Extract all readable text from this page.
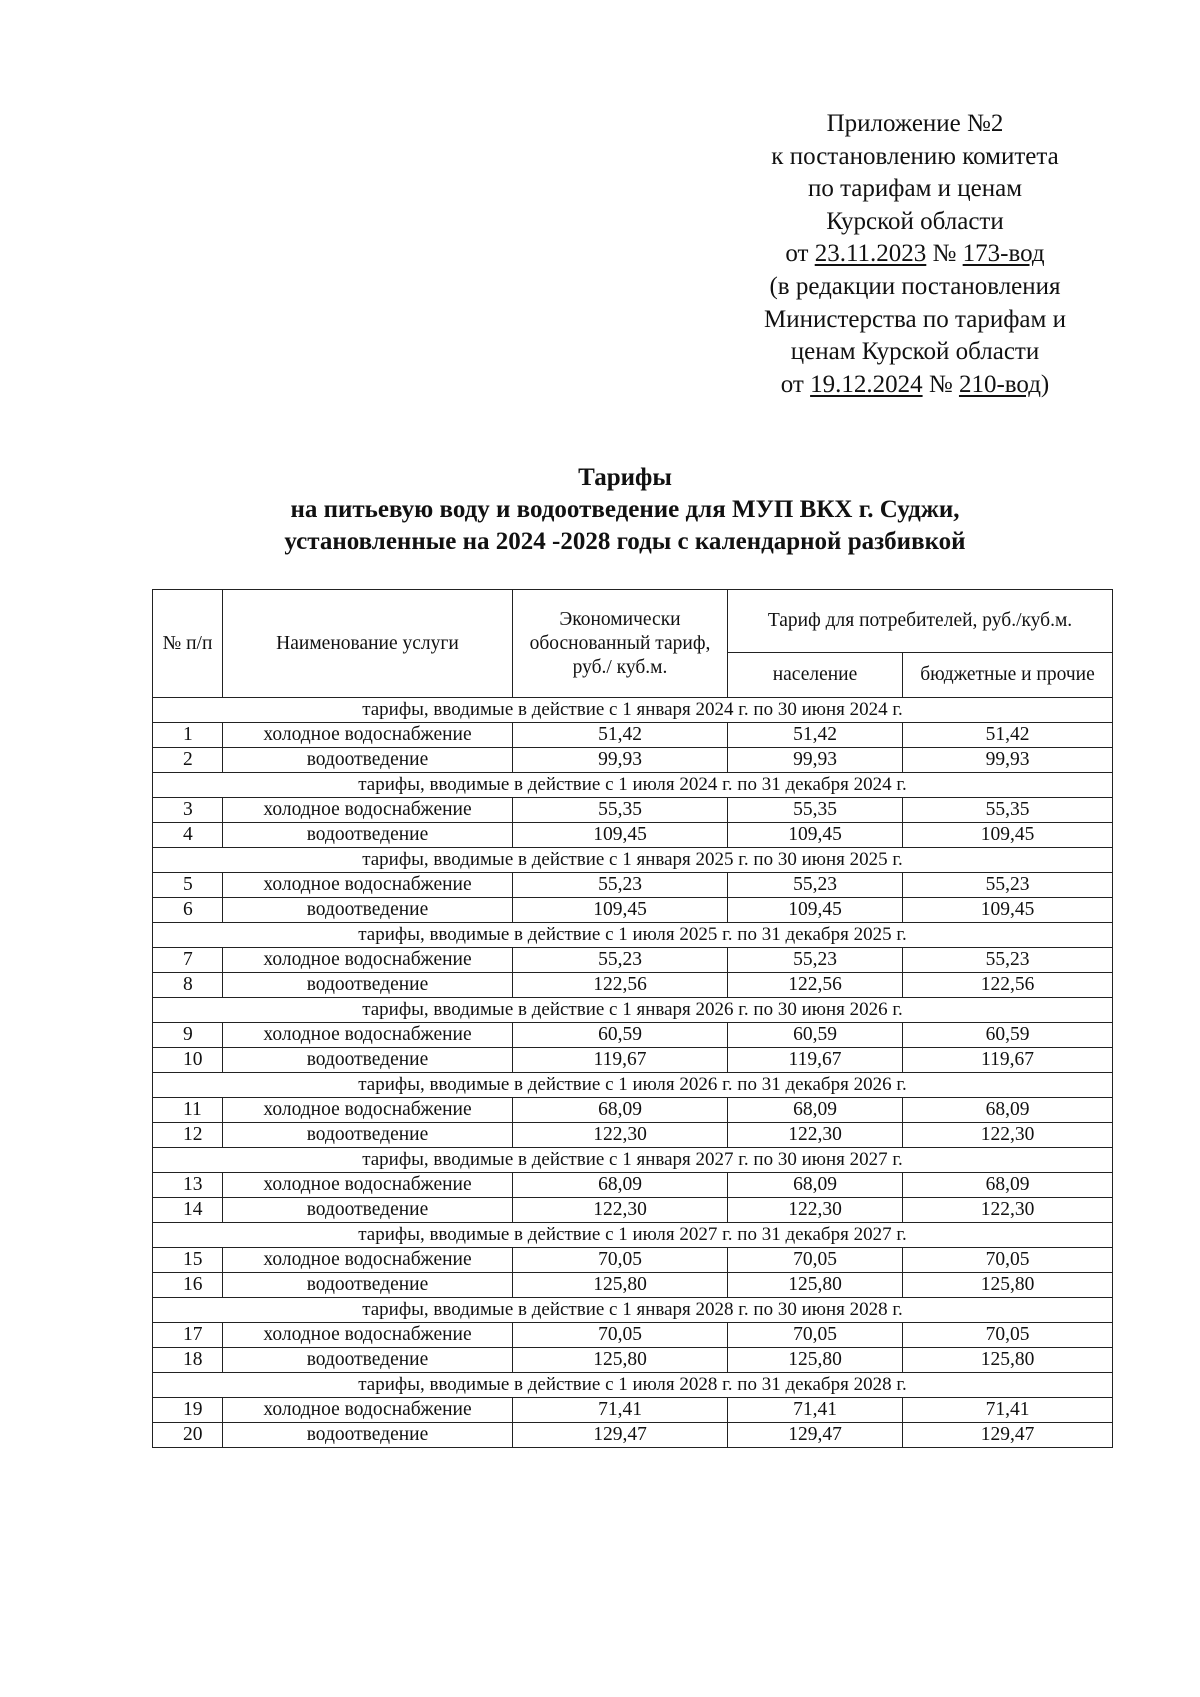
Приложение №2
к постановлению комитета
по тарифам и ценам
Курской области
от 23.11.2023 № 173-вод
(в редакции постановления
Министерства по тарифам и
ценам Курской области
от 19.12.2024 № 210-вод)
Тарифы
на питьевую воду и водоотведение для МУП ВКХ г. Суджи,
установленные на 2024 -2028 годы с календарной разбивкой
№ п/п	Наименование услуги	Экономически обоснованный тариф, руб./ куб.м.	Тариф для потребителей, руб./куб.м.	
			население	бюджетные и прочие
тарифы, вводимые в действие с 1 января 2024 г. по 30 июня 2024 г.				
1	холодное водоснабжение	51,42	51,42	51,42
2	водоотведение	99,93	99,93	99,93
тарифы, вводимые в действие с 1 июля 2024 г. по 31 декабря 2024 г.				
3	холодное водоснабжение	55,35	55,35	55,35
4	водоотведение	109,45	109,45	109,45
тарифы, вводимые в действие с 1 января 2025 г. по 30 июня 2025 г.				
5	холодное водоснабжение	55,23	55,23	55,23
6	водоотведение	109,45	109,45	109,45
тарифы, вводимые в действие с 1 июля 2025 г. по 31 декабря 2025 г.				
7	холодное водоснабжение	55,23	55,23	55,23
8	водоотведение	122,56	122,56	122,56
тарифы, вводимые в действие с 1 января 2026 г. по 30 июня 2026 г.				
9	холодное водоснабжение	60,59	60,59	60,59
10	водоотведение	119,67	119,67	119,67
тарифы, вводимые в действие с 1 июля 2026 г. по 31 декабря 2026 г.				
11	холодное водоснабжение	68,09	68,09	68,09
12	водоотведение	122,30	122,30	122,30
тарифы, вводимые в действие с 1 января 2027 г. по 30 июня 2027 г.				
13	холодное водоснабжение	68,09	68,09	68,09
14	водоотведение	122,30	122,30	122,30
тарифы, вводимые в действие с 1 июля 2027 г. по 31 декабря 2027 г.				
15	холодное водоснабжение	70,05	70,05	70,05
16	водоотведение	125,80	125,80	125,80
тарифы, вводимые в действие с 1 января 2028 г. по 30 июня 2028 г.				
17	холодное водоснабжение	70,05	70,05	70,05
18	водоотведение	125,80	125,80	125,80
тарифы, вводимые в действие с 1 июля 2028 г. по 31 декабря 2028 г.				
19	холодное водоснабжение	71,41	71,41	71,41
20	водоотведение	129,47	129,47	129,47
